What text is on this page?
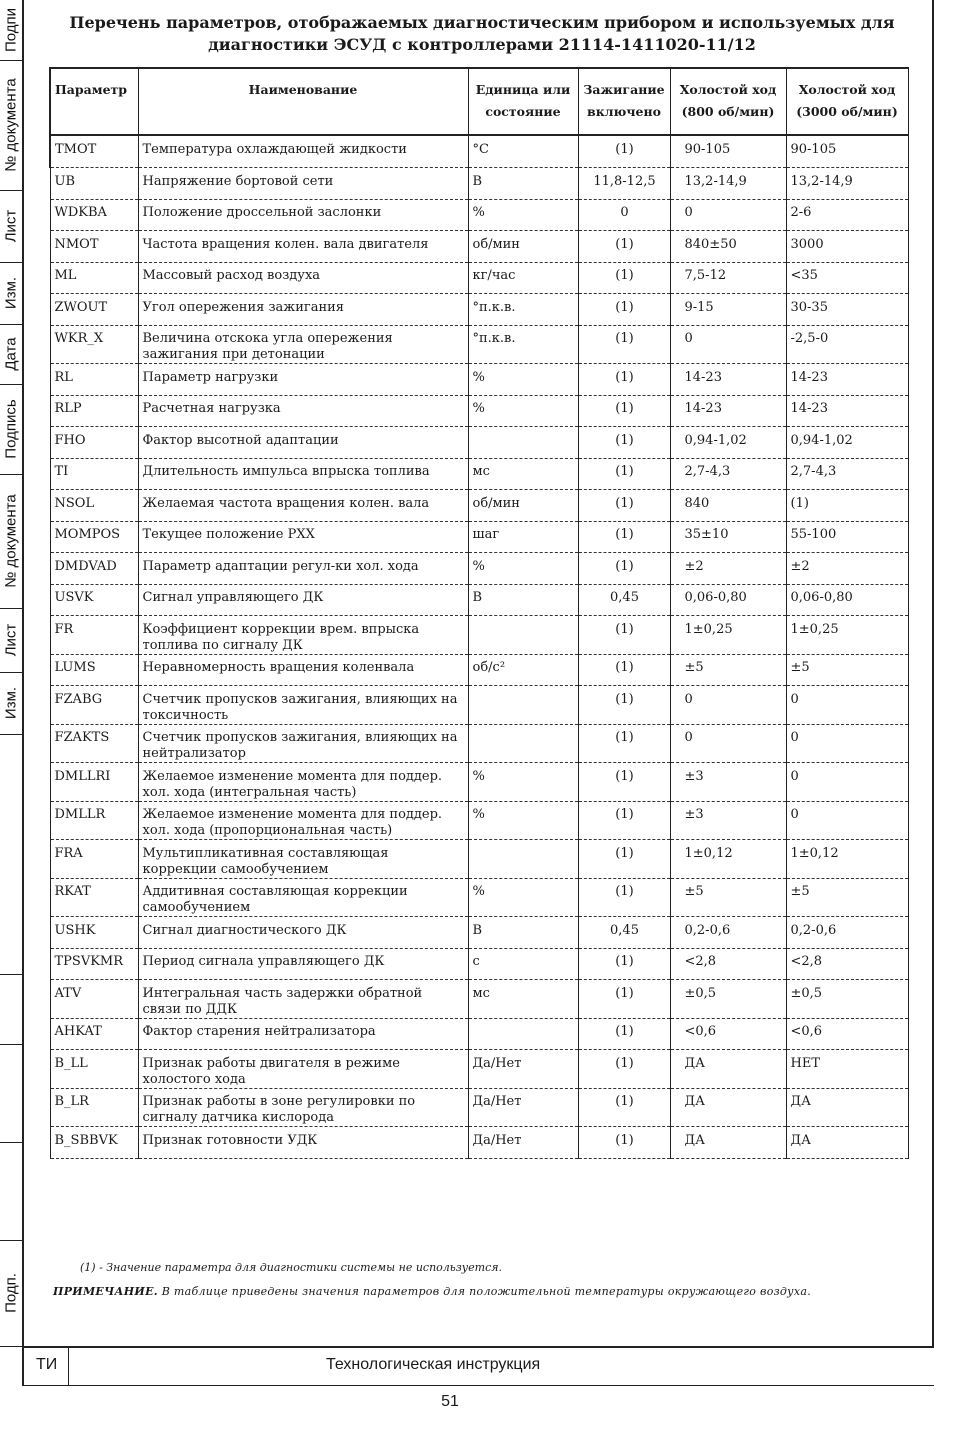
Подпи
№ документа
Лист
Изм.
Дата
Подпись
№ документа
Лист
Изм.
Подп.
Перечень параметров, отображаемых диагностическим прибором и используемых для
диагностики ЭСУД с контроллерами 21114-1411020-11/12
Параметр	Наименование	Единица или состояние	Зажигание включено	Холостой ход (800 об/мин)	Холостой ход (3000 об/мин)
TMOT	Температура охлаждающей жидкости	°С	(1)	90-105	90-105
UB	Напряжение бортовой сети	В	11,8-12,5	13,2-14,9	13,2-14,9
WDKBA	Положение дроссельной заслонки	%	0	0	2-6
NMOT	Частота вращения колен. вала двигателя	об/мин	(1)	840±50	3000
ML	Массовый расход воздуха	кг/час	(1)	7,5-12	<35
ZWOUT	Угол опережения зажигания	°п.к.в.	(1)	9-15	30-35
WKR_X	Величина отскока угла опережения зажигания при детонации	°п.к.в.	(1)	0	-2,5-0
RL	Параметр нагрузки	%	(1)	14-23	14-23
RLP	Расчетная нагрузка	%	(1)	14-23	14-23
FHO	Фактор высотной адаптации		(1)	0,94-1,02	0,94-1,02
TI	Длительность импульса впрыска топлива	мс	(1)	2,7-4,3	2,7-4,3
NSOL	Желаемая частота вращения колен. вала	об/мин	(1)	840	(1)
MOMPOS	Текущее положение РХХ	шаг	(1)	35±10	55-100
DMDVAD	Параметр адаптации регул-ки хол. хода	%	(1)	±2	±2
USVK	Сигнал управляющего ДК	В	0,45	0,06-0,80	0,06-0,80
FR	Коэффициент коррекции врем. впрыска топлива по сигналу ДК		(1)	1±0,25	1±0,25
LUMS	Неравномерность вращения коленвала	об/с²	(1)	±5	±5
FZABG	Счетчик пропусков зажигания, влияющих на токсичность		(1)	0	0
FZAKTS	Счетчик пропусков зажигания, влияющих на нейтрализатор		(1)	0	0
DMLLRI	Желаемое изменение момента для поддер. хол. хода (интегральная часть)	%	(1)	±3	0
DMLLR	Желаемое изменение момента для поддер. хол. хода (пропорциональная часть)	%	(1)	±3	0
FRA	Мультипликативная составляющая коррекции самообучением		(1)	1±0,12	1±0,12
RKAT	Аддитивная составляющая коррекции самообучением	%	(1)	±5	±5
USHK	Сигнал диагностического ДК	В	0,45	0,2-0,6	0,2-0,6
TPSVKMR	Период сигнала управляющего ДК	с	(1)	<2,8	<2,8
ATV	Интегральная часть задержки обратной связи по ДДК	мс	(1)	±0,5	±0,5
AHKAT	Фактор старения нейтрализатора		(1)	<0,6	<0,6
B_LL	Признак работы двигателя в режиме холостого хода	Да/Нет	(1)	ДА	НЕТ
B_LR	Признак работы в зоне регулировки по сигналу датчика кислорода	Да/Нет	(1)	ДА	ДА
B_SBBVK	Признак готовности УДК	Да/Нет	(1)	ДА	ДА
(1) - Значение параметра для диагностики системы не используется.
ПРИМЕЧАНИЕ. В таблице приведены значения параметров для положительной температуры окружающего воздуха.
ТИ	Технологическая инструкция
51
